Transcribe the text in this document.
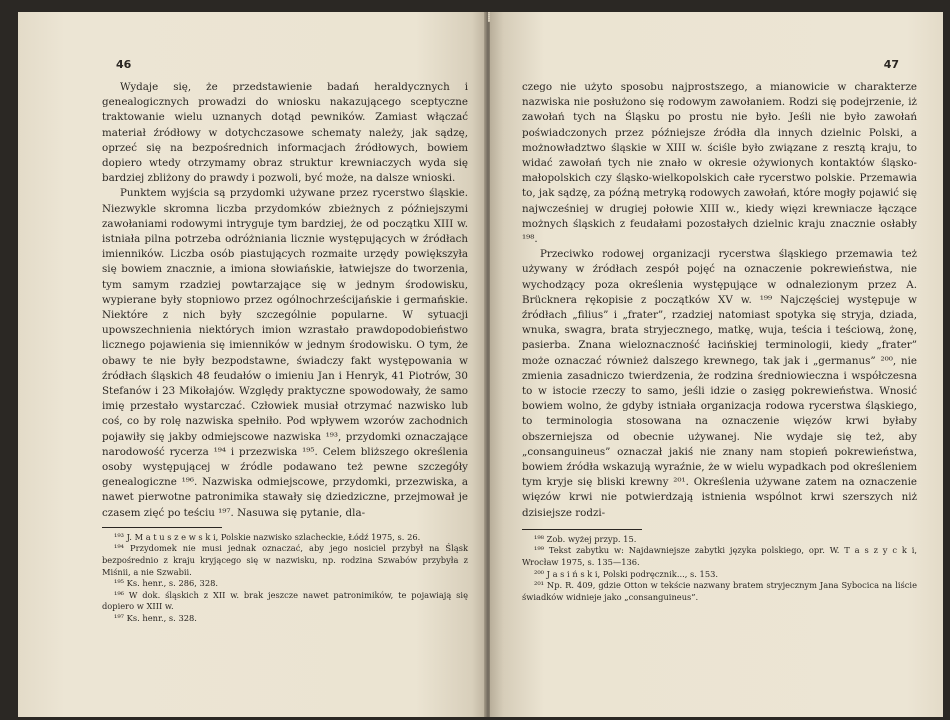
46

Wydaje się, że przedstawienie badań heraldycznych i genealogicznych prowadzi do wniosku nakazującego sceptyczne traktowanie wielu uznanych dotąd pewników. Zamiast włączać materiał źródłowy w dotychczasowe schematy należy, jak sądzę, oprzeć się na bezpośrednich informacjach źródłowych, bowiem dopiero wtedy otrzymamy obraz struktur krewniaczych wyda się bardziej zbliżony do prawdy i pozwoli, być może, na dalsze wnioski.

Punktem wyjścia są przydomki używane przez rycerstwo śląskie. Niezwykle skromna liczba przydomków zbieżnych z późniejszymi zawołaniami rodowymi intryguje tym bardziej, że od początku XIII w. istniała pilna potrzeba odróżniania licznie występujących w źródłach imienników. Liczba osób piastujących rozmaite urzędy powiększyła się bowiem znacznie, a imiona słowiańskie, łatwiejsze do tworzenia, tym samym rzadziej powtarzające się w jednym środowisku, wypierane były stopniowo przez ogólnochrześcijańskie i germańskie. Niektóre z nich były szczególnie popularne. W sytuacji upowszechnienia niektórych imion wzrastało prawdopodobieństwo licznego pojawienia się imienników w jednym środowisku. O tym, że obawy te nie były bezpodstawne, świadczy fakt występowania w źródłach śląskich 48 feudałów o imieniu Jan i Henryk, 41 Piotrów, 30 Stefanów i 23 Mikołajów. Względy praktyczne spowodowały, że samo imię przestało wystarczać. Człowiek musiał otrzymać nazwisko lub coś, co by rolę nazwiska spełniło. Pod wpływem wzorów zachodnich pojawiły się jakby odmiejscowe nazwiska ¹⁹³, przydomki oznaczające narodowość rycerza ¹⁹⁴ i przezwiska ¹⁹⁵. Celem bliższego określenia osoby występującej w źródle podawano też pewne szczegóły genealogiczne ¹⁹⁶. Nazwiska odmiejscowe, przydomki, przezwiska, a nawet pierwotne patronimika stawały się dziedziczne, przejmował je czasem zięć po teściu ¹⁹⁷. Nasuwa się pytanie, dla-

¹⁹³ J. M a t u s z e w s k i, Polskie nazwisko szlacheckie, Łódź 1975, s. 26.

¹⁹⁴ Przydomek nie musi jednak oznaczać, aby jego nosiciel przybył na Śląsk bezpośrednio z kraju kryjącego się w nazwisku, np. rodzina Szwabów przybyła z Miśnii, a nie Szwabii.

¹⁹⁵ Ks. henr., s. 286, 328.

¹⁹⁶ W dok. śląskich z XII w. brak jeszcze nawet patronimików, te pojawiają się dopiero w XIII w.

¹⁹⁷ Ks. henr., s. 328.

47

czego nie użyto sposobu najprostszego, a mianowicie w charakterze nazwiska nie posłużono się rodowym zawołaniem. Rodzi się podejrzenie, iż zawołań tych na Śląsku po prostu nie było. Jeśli nie było zawołań poświadczonych przez późniejsze źródła dla innych dzielnic Polski, a możnowładztwo śląskie w XIII w. ściśle było związane z resztą kraju, to widać zawołań tych nie znało w okresie ożywionych kontaktów śląsko-małopolskich czy śląsko-wielkopolskich całe rycerstwo polskie. Przemawia to, jak sądzę, za późną metryką rodowych zawołań, które mogły pojawić się najwcześniej w drugiej połowie XIII w., kiedy więzi krewniacze łączące możnych śląskich z feudałami pozostałych dzielnic kraju znacznie osłabły ¹⁹⁸.

Przeciwko rodowej organizacji rycerstwa śląskiego przemawia też używany w źródłach zespół pojęć na oznaczenie pokrewieństwa, nie wychodzący poza określenia występujące w odnalezionym przez A. Brücknera rękopisie z początków XV w. ¹⁹⁹ Najczęściej występuje w źródłach „filius” i „frater”, rzadziej natomiast spotyka się stryja, dziada, wnuka, swagra, brata stryjecznego, matkę, wuja, teścia i teściową, żonę, pasierba. Znana wieloznaczność łacińskiej terminologii, kiedy „frater” może oznaczać również dalszego krewnego, tak jak i „germanus” ²⁰⁰, nie zmienia zasadniczo twierdzenia, że rodzina średniowieczna i współczesna to w istocie rzeczy to samo, jeśli idzie o zasięg pokrewieństwa. Wnosić bowiem wolno, że gdyby istniała organizacja rodowa rycerstwa śląskiego, to terminologia stosowana na oznaczenie więzów krwi byłaby obszerniejsza od obecnie używanej. Nie wydaje się też, aby „consanguineus” oznaczał jakiś nie znany nam stopień pokrewieństwa, bowiem źródła wskazują wyraźnie, że w wielu wypadkach pod określeniem tym kryje się bliski krewny ²⁰¹. Określenia używane zatem na oznaczenie więzów krwi nie potwierdzają istnienia wspólnot krwi szerszych niż dzisiejsze rodzi-

¹⁹⁸ Zob. wyżej przyp. 15.

¹⁹⁹ Tekst zabytku w: Najdawniejsze zabytki języka polskiego, opr. W. T a s z y c k i, Wrocław 1975, s. 135—136.

²⁰⁰ J a s i ń s k i, Polski podręcznik..., s. 153.

²⁰¹ Np. R. 409, gdzie Otton w tekście nazwany bratem stryjecznym Jana Sybocica na liście świadków widnieje jako „consanguineus”.
